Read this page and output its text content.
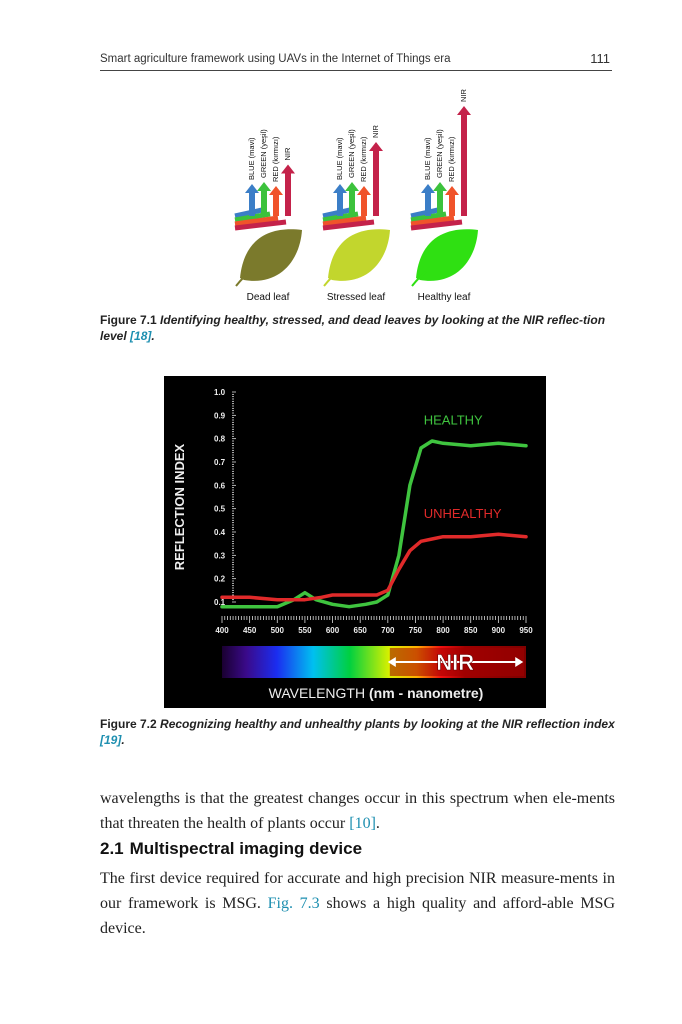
Smart agriculture framework using UAVs in the Internet of Things era	111
BLUE (mavi) GREEN (yeşil) RED (kırmızı) NIR
Dead leaf
BLUE (mavi) GREEN (yeşil) RED (kırmızı)
NIR
Stressed leaf
BLUE (mavi) GREEN (yeşil) RED (kırmızı)
NIR
Healthy leaf
Figure 7.1 Identifying healthy, stressed, and dead leaves by looking at the NIR reflec-tion level [18].
1.0
0.9
0.8
0.7
0.6
0.5
0.4
0.3
0.2
0.1
400 450 500 550 600 650 700 750 800 850 900 950
REFLECTION INDEX
HEALTHY
UNHEALTHY
NIR
WAVELENGTH (nm - nanometre)
Figure 7.2 Recognizing healthy and unhealthy plants by looking at the NIR reflection index [19].
wavelengths is that the greatest changes occur in this spectrum when ele-ments that threaten the health of plants occur [10].
2.1 Multispectral imaging device
The first device required for accurate and high precision NIR measure-ments in our framework is MSG. Fig. 7.3 shows a high quality and afford-able MSG device.
